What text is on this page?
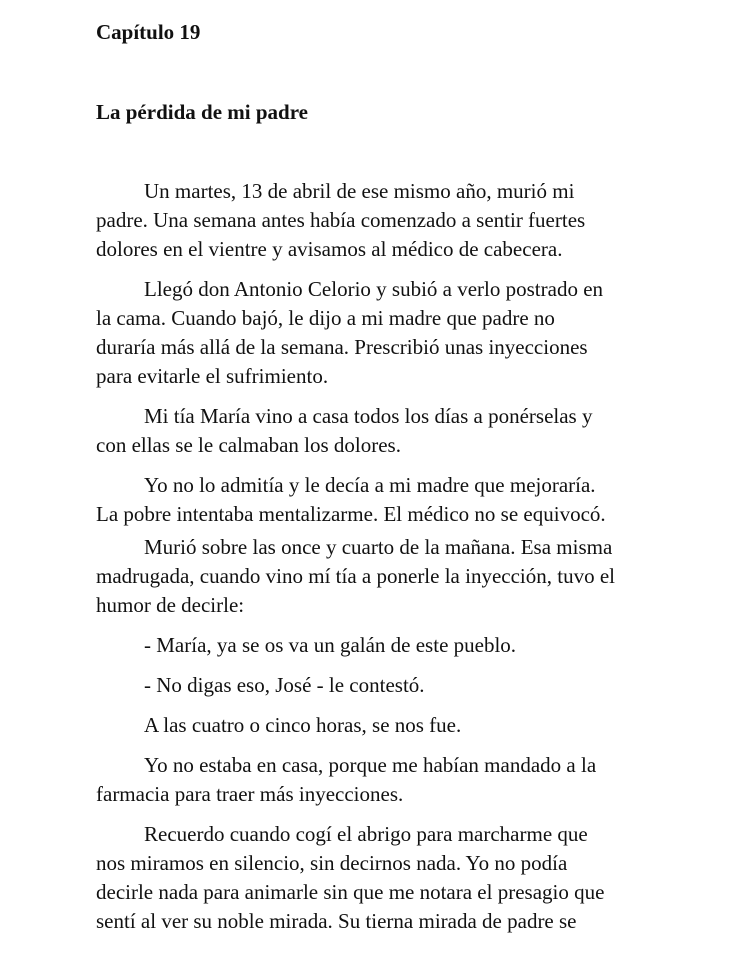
Capítulo 19
La pérdida de mi padre

Un martes, 13 de abril de ese mismo año, murió mi
padre. Una semana antes había comenzado a sentir fuertes
dolores en el vientre y avisamos al médico de cabecera.

Llegó don Antonio Celorio y subió a verlo postrado en
la cama. Cuando bajó, le dijo a mi madre que padre no
duraría más allá de la semana. Prescribió unas inyecciones
para evitarle el sufrimiento.

Mi tía María vino a casa todos los días a ponérselas y
con ellas se le calmaban los dolores.

Yo no lo admitía y le decía a mi madre que mejoraría.
La pobre intentaba mentalizarme. El médico no se equivocó.

Murió sobre las once y cuarto de la mañana. Esa misma
madrugada, cuando vino mí tía a ponerle la inyección, tuvo el
humor de decirle:

- María, ya se os va un galán de este pueblo.

- No digas eso, José - le contestó.

A las cuatro o cinco horas, se nos fue.

Yo no estaba en casa, porque me habían mandado a la
farmacia para traer más inyecciones.

Recuerdo cuando cogí el abrigo para marcharme que
nos miramos en silencio, sin decirnos nada. Yo no podía
decirle nada para animarle sin que me notara el presagio que
sentí al ver su noble mirada. Su tierna mirada de padre se
